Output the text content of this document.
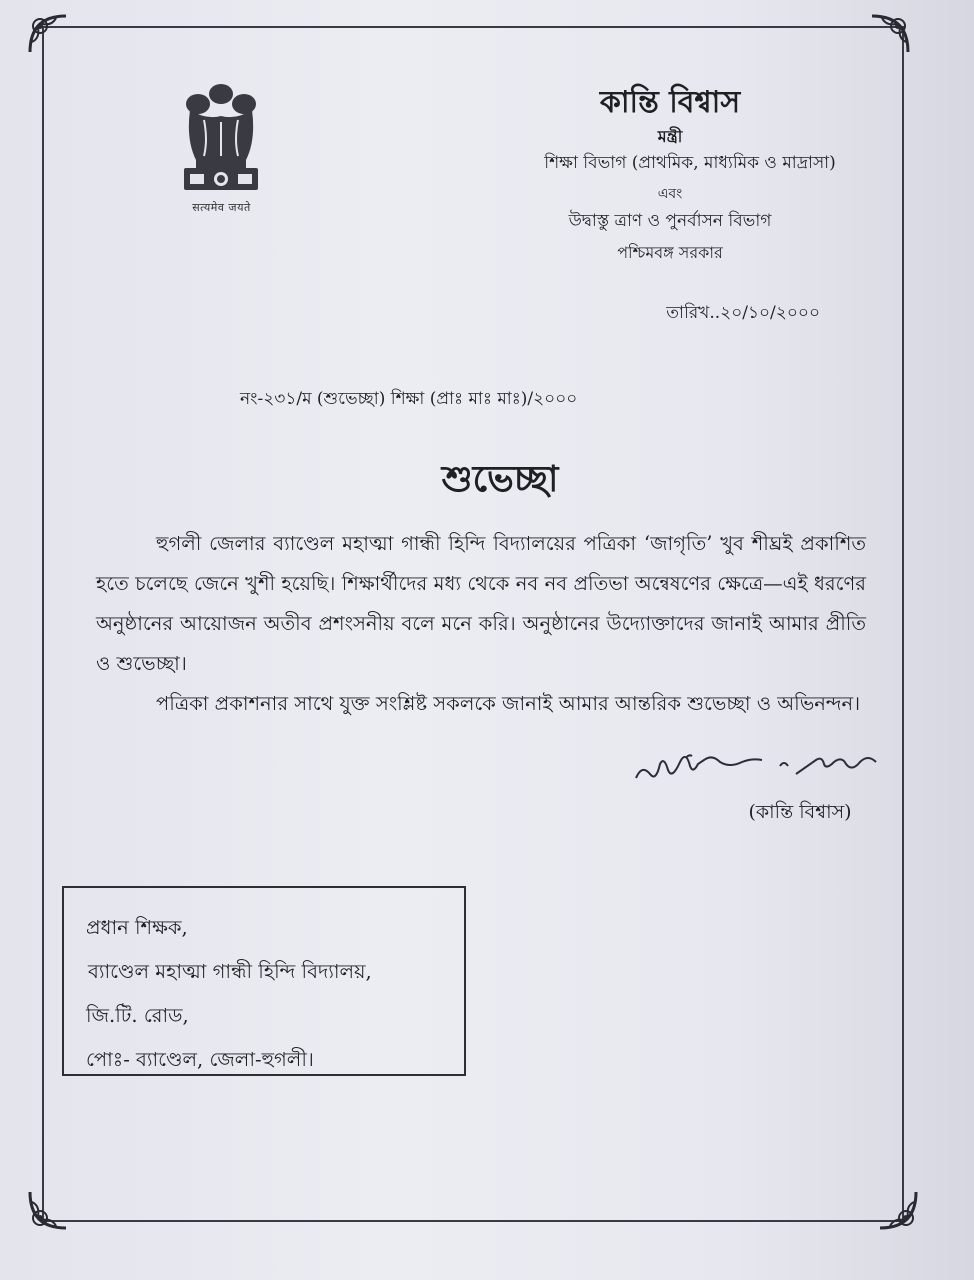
सत्यमेव जयते
কান্তি বিশ্বাস
মন্ত্রী
শিক্ষা বিভাগ (প্রাথমিক, মাধ্যমিক ও মাদ্রাসা)
এবং
উদ্বাস্তু ত্রাণ ও পুনর্বাসন বিভাগ
পশ্চিমবঙ্গ সরকার
তারিখ..২০/১০/২০০০
নং-২৩১/ম (শুভেচ্ছা) শিক্ষা (প্রাঃ মাঃ মাঃ)/২০০০
শুভেচ্ছা
হুগলী জেলার ব্যাণ্ডেল মহাত্মা গান্ধী হিন্দি বিদ্যালয়ের পত্রিকা ‘জাগৃতি’ খুব শীঘ্রই প্রকাশিত হতে চলেছে জেনে খুশী হয়েছি। শিক্ষার্থীদের মধ্য থেকে নব নব প্রতিভা অন্বেষণের ক্ষেত্রে—এই ধরণের অনুষ্ঠানের আয়োজন অতীব প্রশংসনীয় বলে মনে করি। অনুষ্ঠানের উদ্যোক্তাদের জানাই আমার প্রীতি ও শুভেচ্ছা।
পত্রিকা প্রকাশনার সাথে যুক্ত সংশ্লিষ্ট সকলকে জানাই আমার আন্তরিক শুভেচ্ছা ও অভিনন্দন।
(কান্তি বিশ্বাস)
প্রধান শিক্ষক,
ব্যাণ্ডেল মহাত্মা গান্ধী হিন্দি বিদ্যালয়,
জি.টি. রোড,
পোঃ- ব্যাণ্ডেল, জেলা-হুগলী।
